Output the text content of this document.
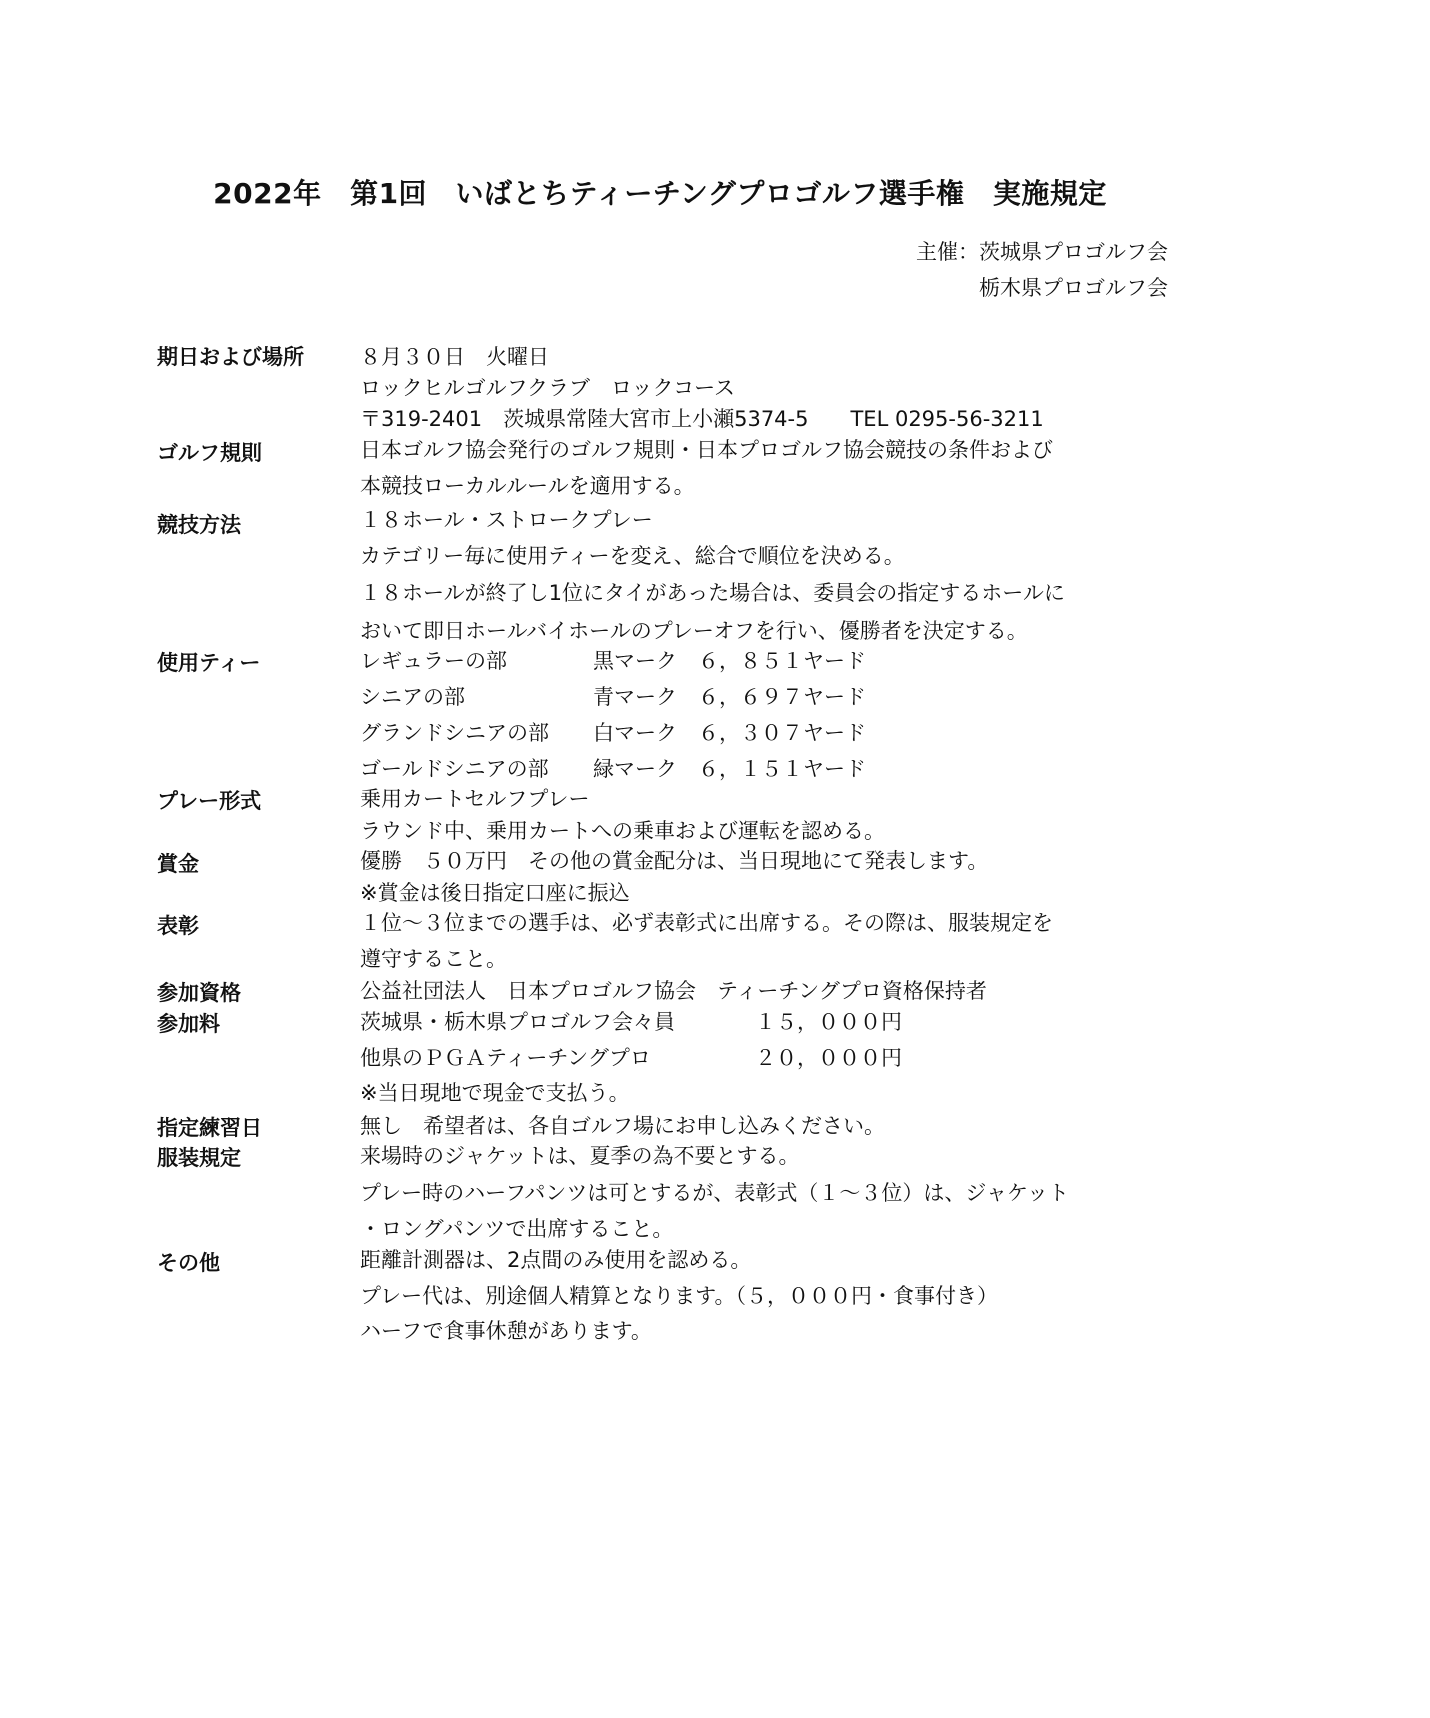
2022年　第1回　いばとちティーチングプロゴルフ選手権　実施規定
主催：茨城県プロゴルフ会
栃木県プロゴルフ会
期日および場所	８月３０日　火曜日
ロックヒルゴルフクラブ　ロックコース
〒319-2401　茨城県常陸大宮市上小瀬5374-5　　TEL 0295-56-3211
ゴルフ規則	日本ゴルフ協会発行のゴルフ規則・日本プロゴルフ協会競技の条件および
本競技ローカルルールを適用する。
競技方法	１８ホール・ストロークプレー
カテゴリー毎に使用ティーを変え、総合で順位を決める。
１８ホールが終了し1位にタイがあった場合は、委員会の指定するホールに
おいて即日ホールバイホールのプレーオフを行い、優勝者を決定する。
使用ティー	レギュラーの部	黒マーク　６，８５１ヤード
シニアの部	青マーク　６，６９７ヤード
グランドシニアの部 白マーク　６，３０７ヤード
ゴールドシニアの部 緑マーク　６，１５１ヤード
プレー形式	乗用カートセルフプレー
ラウンド中、乗用カートへの乗車および運転を認める。
賞金	優勝　５０万円　その他の賞金配分は、当日現地にて発表します。
※賞金は後日指定口座に振込
表彰	１位～３位までの選手は、必ず表彰式に出席する。その際は、服装規定を
遵守すること。
参加資格	公益社団法人　日本プロゴルフ協会　ティーチングプロ資格保持者
参加料	茨城県・栃木県プロゴルフ会々員	１５，０００円
他県のＰＧＡティーチングプロ	２０，０００円
※当日現地で現金で支払う。
指定練習日	無し　希望者は、各自ゴルフ場にお申し込みください。
服装規定	来場時のジャケットは、夏季の為不要とする。
プレー時のハーフパンツは可とするが、表彰式（１～３位）は、ジャケット
・ロングパンツで出席すること。
その他	距離計測器は、2点間のみ使用を認める。
プレー代は、別途個人精算となります。（５，０００円・食事付き）
ハーフで食事休憩があります。
